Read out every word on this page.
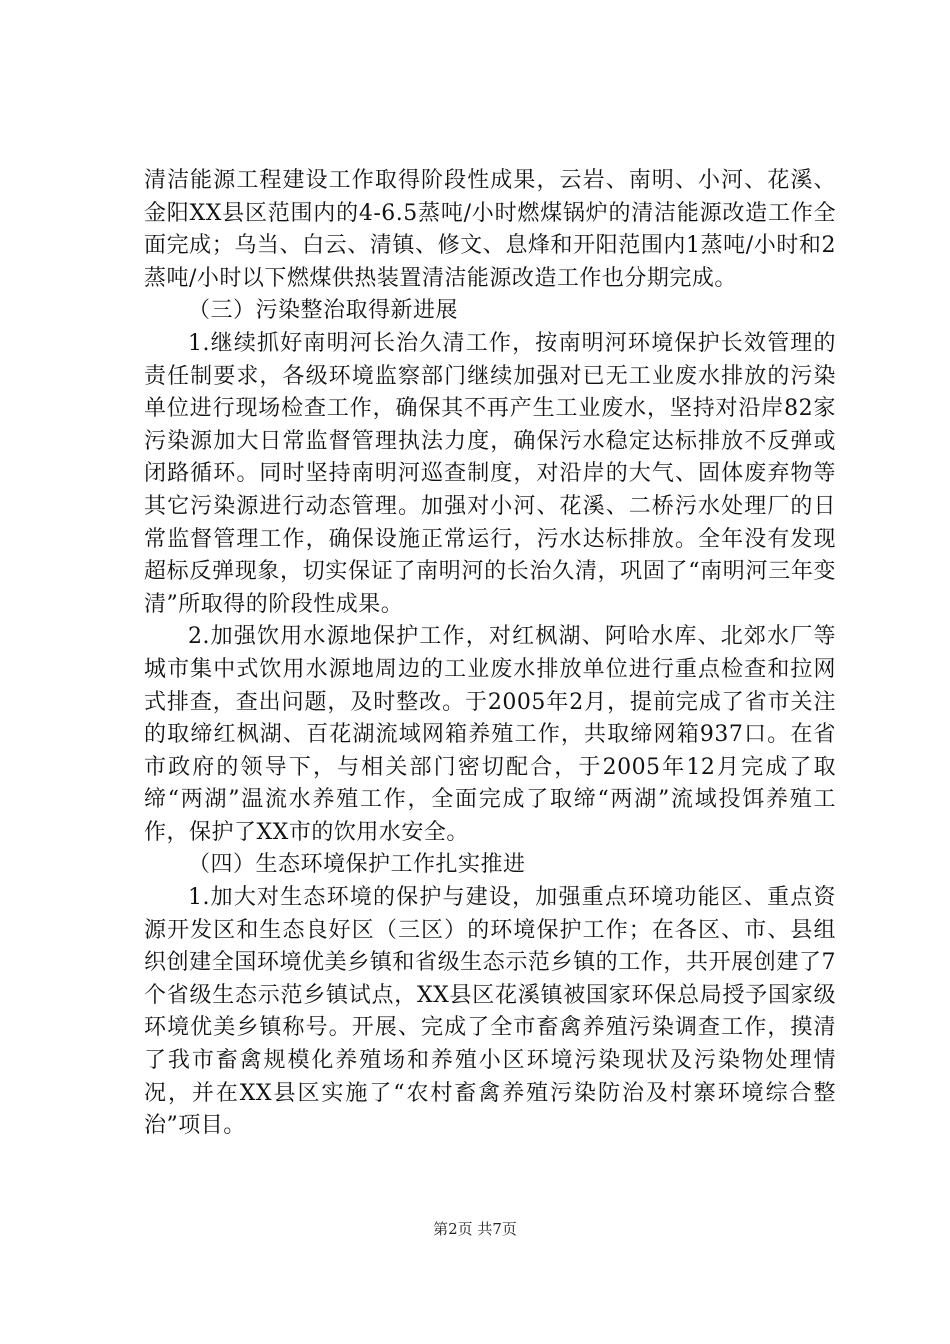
清洁能源工程建设工作取得阶段性成果，云岩、南明、小河、花溪、金阳XX县区范围内的4-6.5蒸吨/小时燃煤锅炉的清洁能源改造工作全面完成；乌当、白云、清镇、修文、息烽和开阳范围内1蒸吨/小时和2蒸吨/小时以下燃煤供热装置清洁能源改造工作也分期完成。

（三）污染整治取得新进展

1.继续抓好南明河长治久清工作，按南明河环境保护长效管理的责任制要求，各级环境监察部门继续加强对已无工业废水排放的污染单位进行现场检查工作，确保其不再产生工业废水，坚持对沿岸82家污染源加大日常监督管理执法力度，确保污水稳定达标排放不反弹或闭路循环。同时坚持南明河巡查制度，对沿岸的大气、固体废弃物等其它污染源进行动态管理。加强对小河、花溪、二桥污水处理厂的日常监督管理工作，确保设施正常运行，污水达标排放。全年没有发现超标反弹现象，切实保证了南明河的长治久清，巩固了“南明河三年变清”所取得的阶段性成果。

2.加强饮用水源地保护工作，对红枫湖、阿哈水库、北郊水厂等城市集中式饮用水源地周边的工业废水排放单位进行重点检查和拉网式排查，查出问题，及时整改。于2005年2月，提前完成了省市关注的取缔红枫湖、百花湖流域网箱养殖工作，共取缔网箱937口。在省市政府的领导下，与相关部门密切配合，于2005年12月完成了取缔“两湖”温流水养殖工作，全面完成了取缔“两湖”流域投饵养殖工作，保护了XX市的饮用水安全。

（四）生态环境保护工作扎实推进

1.加大对生态环境的保护与建设，加强重点环境功能区、重点资源开发区和生态良好区（三区）的环境保护工作；在各区、市、县组织创建全国环境优美乡镇和省级生态示范乡镇的工作，共开展创建了7个省级生态示范乡镇试点，XX县区花溪镇被国家环保总局授予国家级环境优美乡镇称号。开展、完成了全市畜禽养殖污染调查工作，摸清了我市畜禽规模化养殖场和养殖小区环境污染现状及污染物处理情况，并在XX县区实施了“农村畜禽养殖污染防治及村寨环境综合整治”项目。

第2页 共7页
